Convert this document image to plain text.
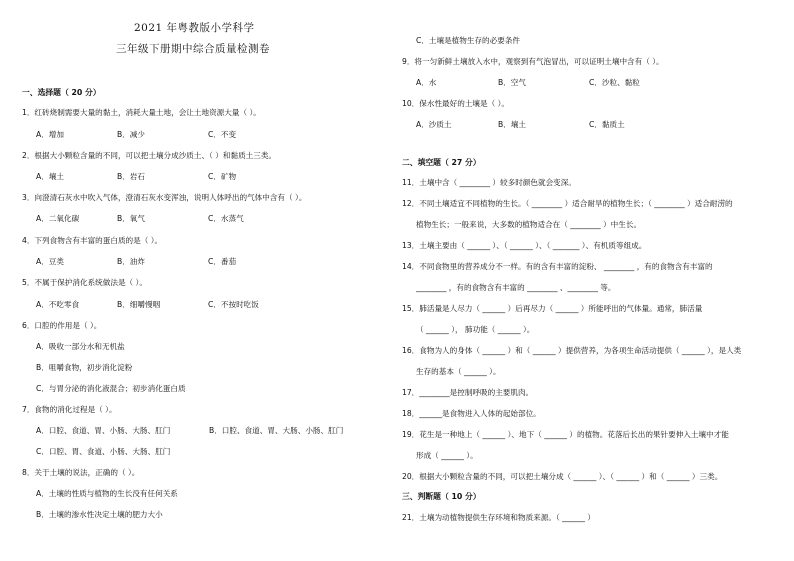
2021 年粤教版小学科学
三年级下册期中综合质量检测卷
一、选择题（ 20 分）
1．红砖烧制需要大量的黏土，消耗大量土地，会让土地资源大量（ ）。
A．增加	B．减少	C．不变
2．根据大小颗粒含量的不同，可以把土壤分成沙质土、（ ）和黏质土三类。
A．壤土	B．岩石	C．矿物
3．向澄清石灰水中吹入气体，澄清石灰水变浑浊，说明人体呼出的气体中含有（ ）。
A．二氧化碳	B．氧气	C．水蒸气
4．下列食物含有丰富的蛋白质的是（ ）。
A．豆类	B．油炸	C．番茄
5．不属于保护消化系统做法是（ ）。
A．不吃零食	B．细嚼慢咽	C．不按时吃饭
6．口腔的作用是（ ）。
A．吸收一部分水和无机盐
B．咀嚼食物，初步消化淀粉
C．与胃分泌的消化液混合；初步消化蛋白质
7．食物的消化过程是（ ）。
A．口腔、食道、胃、小肠、大肠、肛门	B．口腔、食道、胃、大肠、小肠、肛门
C．口腔、胃、食道、小肠、大肠、肛门
8．关于土壤的说法，正确的（ ）。
A．土壤的性质与植物的生长没有任何关系
B．土壤的渗水性决定土壤的肥力大小
C．土壤是植物生存的必要条件
9．将一匀新鲜土壤放入水中，观察到有气泡冒出，可以证明土壤中含有（ ）。
A．水	B．空气	C．沙粒、黏粒
10．保水性最好的土壤是（ ）。
A．沙质土	B．壤土	C．黏质土
二、填空题（ 27 分）
11．土壤中含（ ________ ）较多时颜色就会变深。
12．不同土壤适宜不同植物的生长。（ ________ ）适合耐旱的植物生长；（ ________ ）适合耐涝的
植物生长；一般来说，大多数的植物适合在（ ________ ）中生长。
13．土壤主要由（ ______ ）、（ ______ ）、（ _______ ）、有机质等组成。
14．不同食物里的营养成分不一样。有的含有丰富的淀粉、 ________ ，有的食物含有丰富的
________ ，有的食物含有丰富的 ________ 、________ 等。
15．肺活量是人尽力（ ______ ）后再尽力（ ______ ）所能呼出的气体量。通常，肺活量
（ ______ ）， 肺功能（ ______ ）。
16．食物为人的身体（ ______ ）和（ ______ ）提供营养，为各项生命活动提供（ ______ ），是人类
生存的基本（ ______ ）。
17．________是控制呼吸的主要肌肉。
18．______是食物进入人体的起始部位。
19．花生是一种地上（ ______ ）、地下（ ______ ）的植物。花落后长出的果针要伸入土壤中才能
形成（ ______ ）。
20．根据大小颗粒含量的不同，可以把土壤分成（ ______ ）、（ ______ ）和（ ______ ）三类。
三、判断题（ 10 分）
21．土壤为动植物提供生存环境和物质来源。（ ______ ）
